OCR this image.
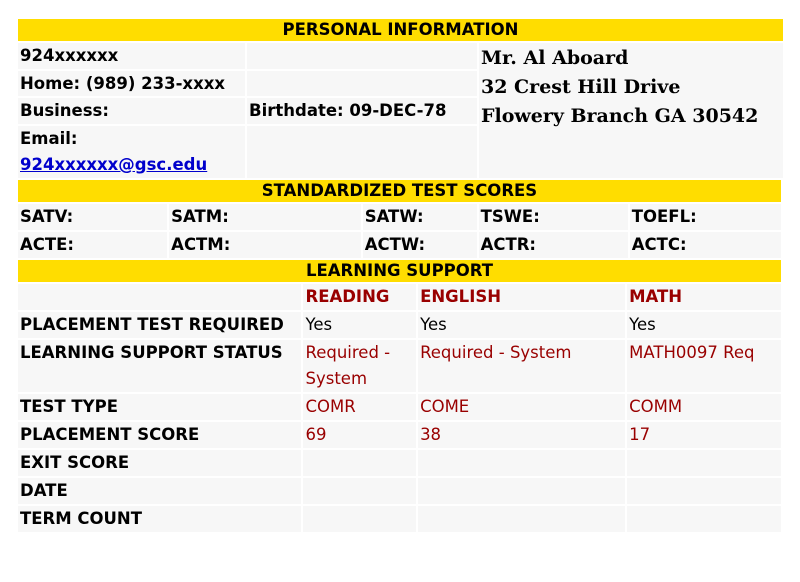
PERSONAL INFORMATION		
924xxxxxx		Mr. Al Aboard
32 Crest Hill Drive
Flowery Branch GA 30542

Home: (989) 233-xxxx		
Business:	Birthdate: 09-DEC-78	

Email:
924xxxxxx@gsc.edu		
STANDARDIZED TEST SCORES				
SATV:	SATM:	SATW:	TSWE:	TOEFL:
ACTE:	ACTM:	ACTW:	ACTR:	ACTC:
LEARNING SUPPORT			
	READING	ENGLISH	MATH
PLACEMENT TEST REQUIRED	Yes	Yes	Yes
LEARNING SUPPORT STATUS	Required - System	Required - System	MATH0097 Req
TEST TYPE	COMR	COME	COMM
PLACEMENT SCORE	69	38	17
EXIT SCORE			
DATE			
TERM COUNT			
